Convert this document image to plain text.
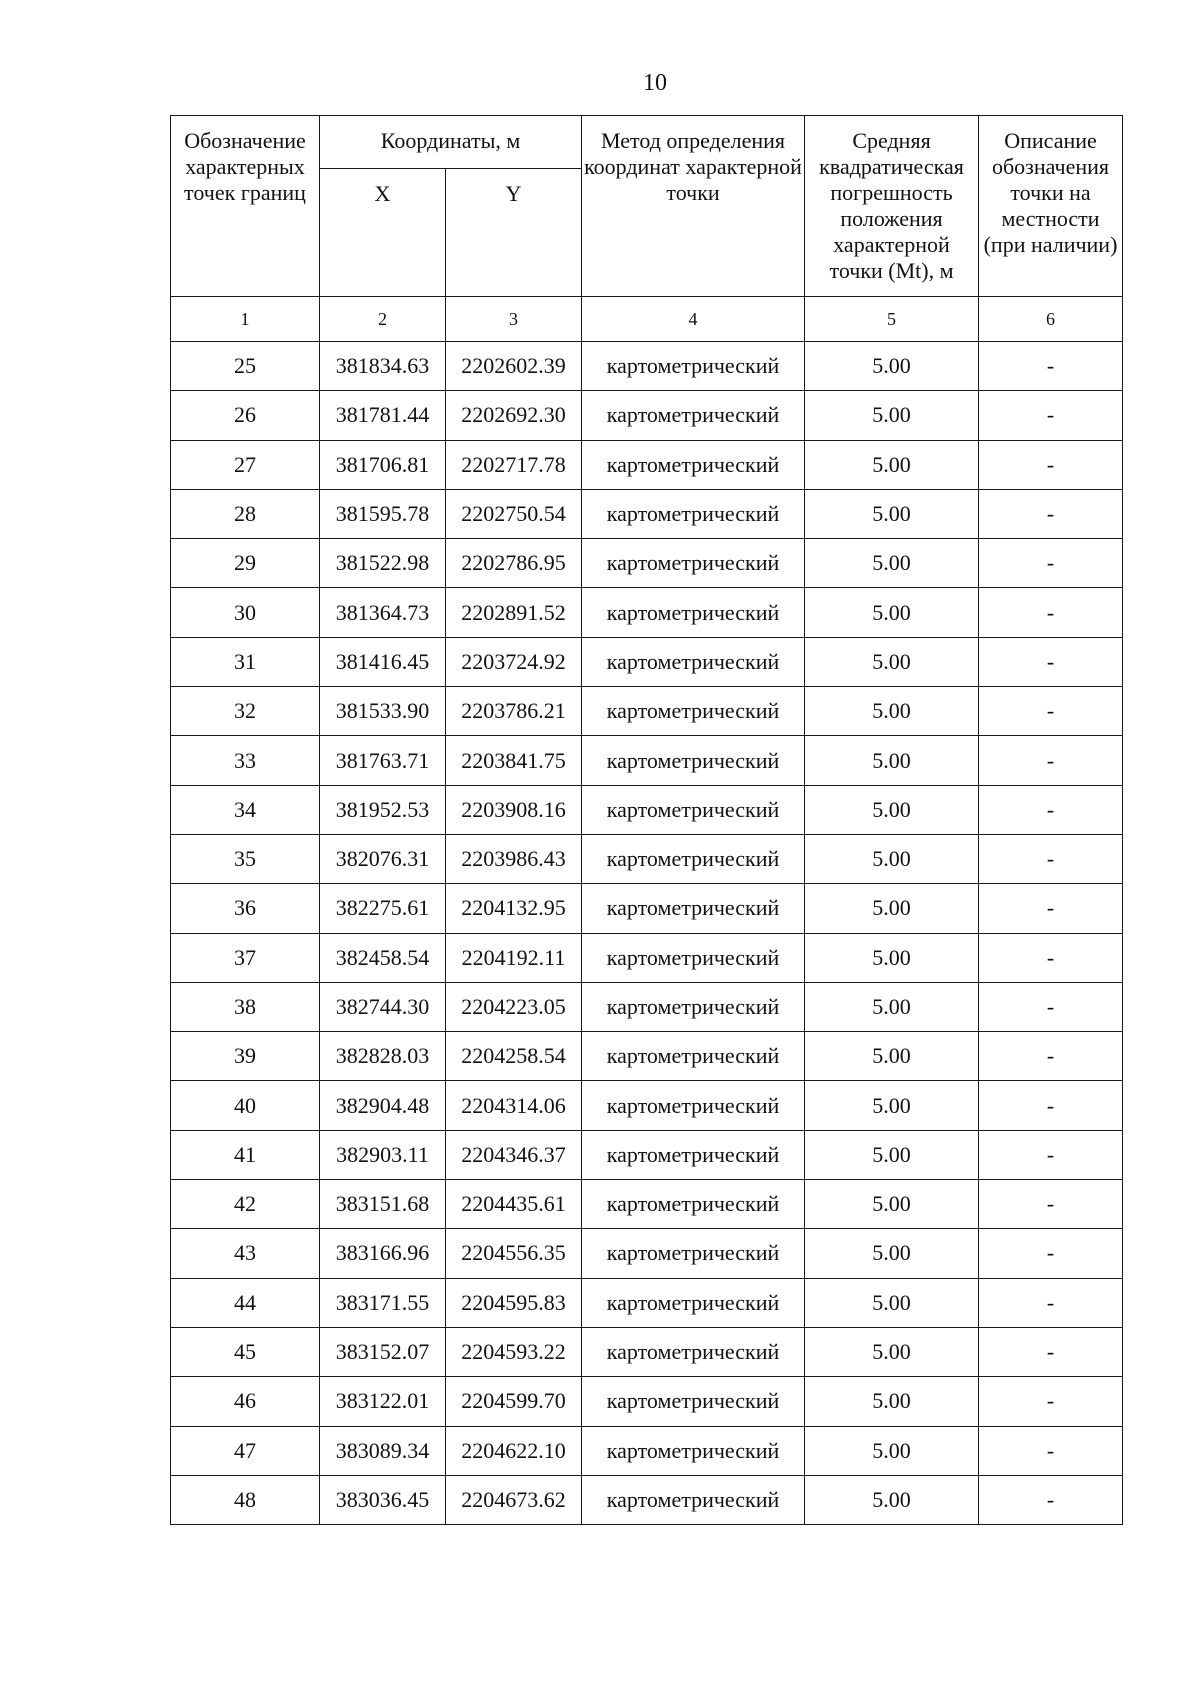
10
Обозначение характерных точек границ	Координаты, м		Метод определения координат характерной точки	Средняя квадратическая погрешность положения характерной точки (Mt), м	Описание обозначения точки на местности (при наличии)
	X	Y			
1	2	3	4	5	6
25	381834.63	2202602.39	картометрический	5.00	-
26	381781.44	2202692.30	картометрический	5.00	-
27	381706.81	2202717.78	картометрический	5.00	-
28	381595.78	2202750.54	картометрический	5.00	-
29	381522.98	2202786.95	картометрический	5.00	-
30	381364.73	2202891.52	картометрический	5.00	-
31	381416.45	2203724.92	картометрический	5.00	-
32	381533.90	2203786.21	картометрический	5.00	-
33	381763.71	2203841.75	картометрический	5.00	-
34	381952.53	2203908.16	картометрический	5.00	-
35	382076.31	2203986.43	картометрический	5.00	-
36	382275.61	2204132.95	картометрический	5.00	-
37	382458.54	2204192.11	картометрический	5.00	-
38	382744.30	2204223.05	картометрический	5.00	-
39	382828.03	2204258.54	картометрический	5.00	-
40	382904.48	2204314.06	картометрический	5.00	-
41	382903.11	2204346.37	картометрический	5.00	-
42	383151.68	2204435.61	картометрический	5.00	-
43	383166.96	2204556.35	картометрический	5.00	-
44	383171.55	2204595.83	картометрический	5.00	-
45	383152.07	2204593.22	картометрический	5.00	-
46	383122.01	2204599.70	картометрический	5.00	-
47	383089.34	2204622.10	картометрический	5.00	-
48	383036.45	2204673.62	картометрический	5.00	-
